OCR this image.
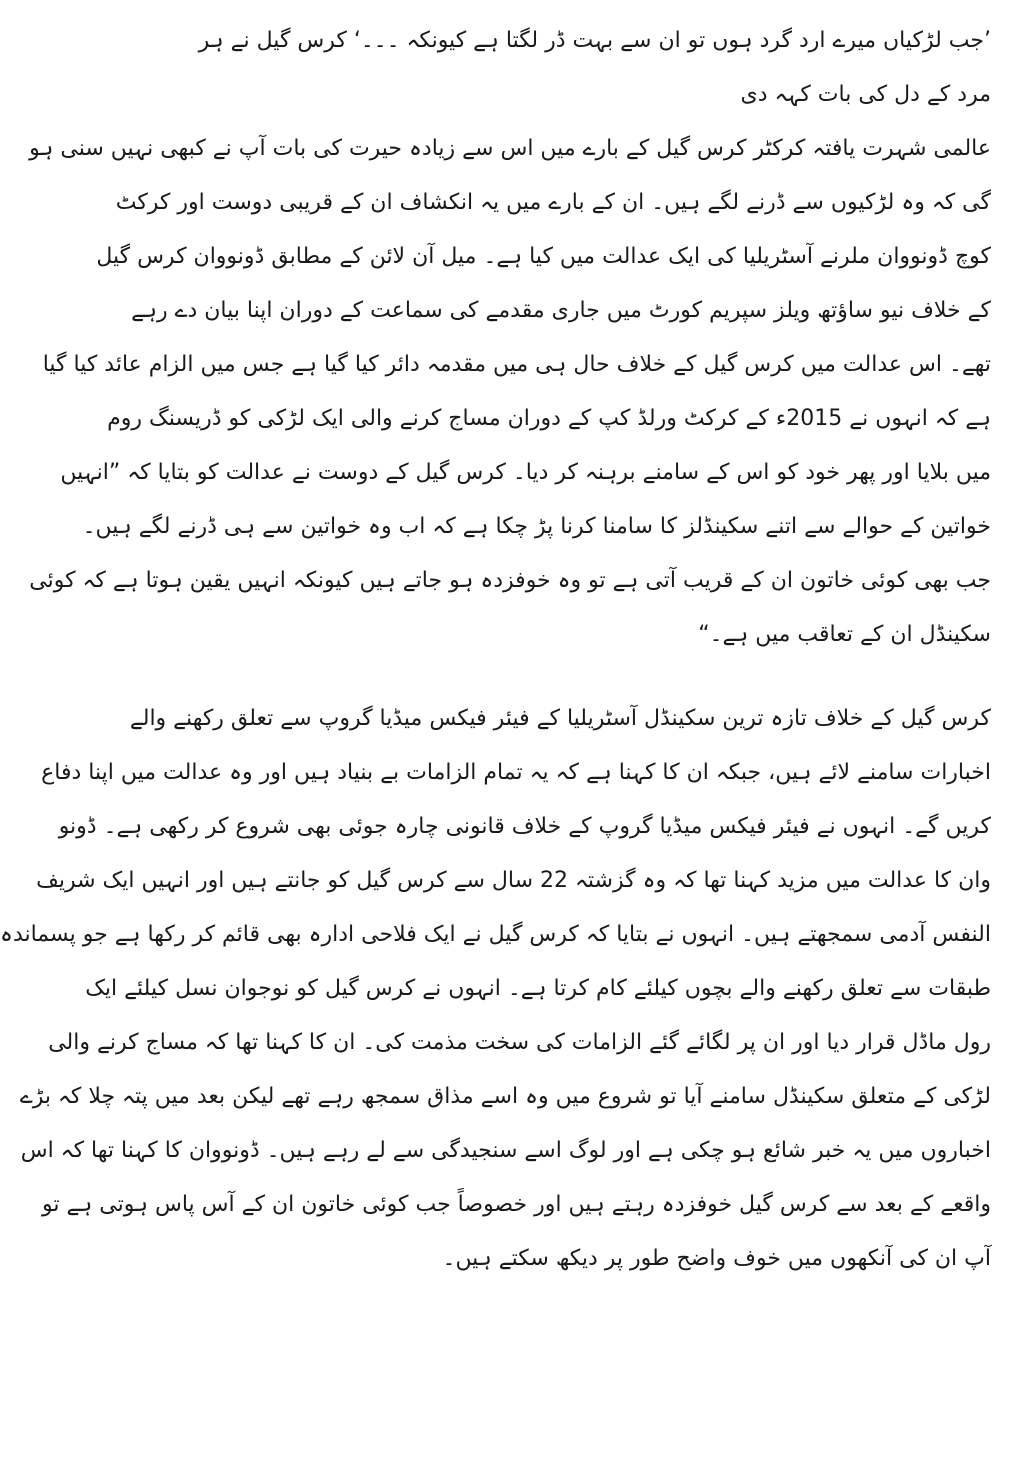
’جب لڑکیاں میرے ارد گرد ہوں تو ان سے بہت ڈر لگتا ہے کیونکہ ۔۔۔‘ کرس گیل نے ہر
مرد کے دل کی بات کہہ دی
عالمی شہرت یافتہ کرکٹر کرس گیل کے بارے میں اس سے زیادہ حیرت کی بات آپ نے کبھی نہیں سنی ہو
گی کہ وہ لڑکیوں سے ڈرنے لگے ہیں۔ ان کے بارے میں یہ انکشاف ان کے قریبی دوست اور کرکٹ
کوچ ڈونووان ملرنے آسٹریلیا کی ایک عدالت میں کیا ہے۔ میل آن لائن کے مطابق ڈونووان کرس گیل
کے خلاف نیو ساؤتھ ویلز سپریم کورٹ میں جاری مقدمے کی سماعت کے دوران اپنا بیان دے رہے
تھے۔ اس عدالت میں کرس گیل کے خلاف حال ہی میں مقدمہ دائر کیا گیا ہے جس میں الزام عائد کیا گیا
ہے کہ انہوں نے 2015ء کے کرکٹ ورلڈ کپ کے دوران مساج کرنے والی ایک لڑکی کو ڈریسنگ روم
میں بلایا اور پھر خود کو اس کے سامنے برہنہ کر دیا۔ کرس گیل کے دوست نے عدالت کو بتایا کہ ”انہیں
خواتین کے حوالے سے اتنے سکینڈلز کا سامنا کرنا پڑ چکا ہے کہ اب وہ خواتین سے ہی ڈرنے لگے ہیں۔
جب بھی کوئی خاتون ان کے قریب آتی ہے تو وہ خوفزدہ ہو جاتے ہیں کیونکہ انہیں یقین ہوتا ہے کہ کوئی
سکینڈل ان کے تعاقب میں ہے۔“
کرس گیل کے خلاف تازہ ترین سکینڈل آسٹریلیا کے فیئر فیکس میڈیا گروپ سے تعلق رکھنے والے
اخبارات سامنے لائے ہیں، جبکہ ان کا کہنا ہے کہ یہ تمام الزامات بے بنیاد ہیں اور وہ عدالت میں اپنا دفاع
کریں گے۔ انہوں نے فیئر فیکس میڈیا گروپ کے خلاف قانونی چارہ جوئی بھی شروع کر رکھی ہے۔ ڈونو
وان کا عدالت میں مزید کہنا تھا کہ وہ گزشتہ 22 سال سے کرس گیل کو جانتے ہیں اور انہیں ایک شریف
النفس آدمی سمجھتے ہیں۔ انہوں نے بتایا کہ کرس گیل نے ایک فلاحی ادارہ بھی قائم کر رکھا ہے جو پسماندہ
طبقات سے تعلق رکھنے والے بچوں کیلئے کام کرتا ہے۔ انہوں نے کرس گیل کو نوجوان نسل کیلئے ایک
رول ماڈل قرار دیا اور ان پر لگائے گئے الزامات کی سخت مذمت کی۔ ان کا کہنا تھا کہ مساج کرنے والی
لڑکی کے متعلق سکینڈل سامنے آیا تو شروع میں وہ اسے مذاق سمجھ رہے تھے لیکن بعد میں پتہ چلا کہ بڑے
اخباروں میں یہ خبر شائع ہو چکی ہے اور لوگ اسے سنجیدگی سے لے رہے ہیں۔ ڈونووان کا کہنا تھا کہ اس
واقعے کے بعد سے کرس گیل خوفزدہ رہتے ہیں اور خصوصاً جب کوئی خاتون ان کے آس پاس ہوتی ہے تو
آپ ان کی آنکھوں میں خوف واضح طور پر دیکھ سکتے ہیں۔
